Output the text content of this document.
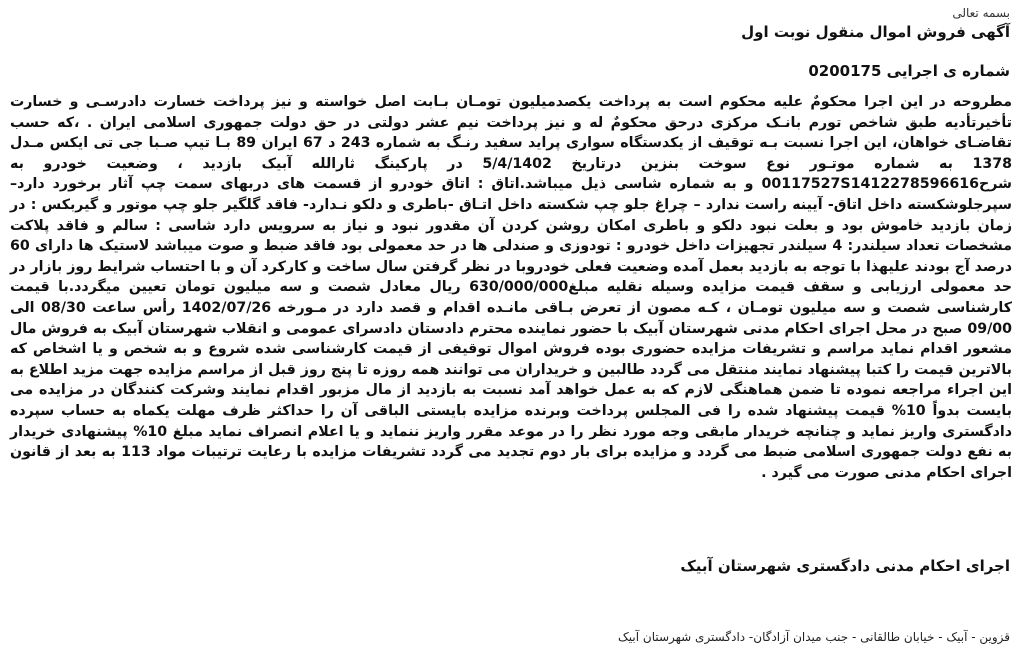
بسمه تعالی
آگهی فروش اموال منقول نوبت اول
شماره ی اجرایی 0200175
مطروحه در این اجرا محکومٌ علیه محکوم است به پرداخت یکصدمیلیون تومـان بـابت اصل خواسته و نیز پرداخت خسارت دادرسـی و خسارت تأخیرتأدیه طبق شاخص تورم بانـک مرکزی درحق محکومٌ له و نیز پرداخت نیم عشر دولتی در حق دولت جمهوری اسلامی ایران . ،که حسب تقاضـای خواهان، این اجرا نسبت بـه توقیف از یکدستگاه سواری پراید سفید رنـگ به شماره 243 د 67 ایران 89 بـا تیپ صـبا جی تی ایکس مـدل 1378 به شماره موتـور نوع سوخت بنزین درتاریخ 5/4/1402 در پارکینگ ثارالله آبیک بازدید ، وضعیت خودرو به شرح00117527S1412278596616 و به شماره شاسی ذیل میباشد.اتاق : اتاق خودرو از قسمت های دربهای سمت چپ آثار برخورد دارد– سپرجلوشکسته داخل اتاق- آیینه راست ندارد – چراغ جلو چپ شکسته داخل اتـاق -باطری و دلکو نـدارد- فاقد گلگیر جلو چپ موتور و گیربکس : در زمان بازدید خاموش بود و بعلت نبود دلکو و باطری امکان روشن کردن آن مقدور نبود و نیاز به سرویس دارد شاسی : سالم و فاقد پلاکت مشخصات تعداد سیلندر: 4 سیلندر تجهیزات داخل خودرو : تودوزی و صندلی ها در حد معمولی بود فاقد ضبط و صوت میباشد لاستیک ها دارای 60 درصد آج بودند علیهذا با توجه به بازدید بعمل آمده وضعیت فعلی خودروبا در نظر گرفتن سال ساخت و کارکرد آن و با احتساب شرایط روز بازار در حد معمولی ارزیابی و سقف قیمت مزایده وسیله نقلیه مبلغ630/000/000 ریال معادل شصت و سه میلیون تومان تعیین میگردد.با قیمت کارشناسی شصت و سه میلیون تومـان ، کـه مصون از تعرض بـاقی مانـده اقدام و قصد دارد در مـورخه 1402/07/26 رأس ساعت 08/30 الی 09/00 صبح در محل اجرای احکام مدنی شهرستان آبیک با حضور نماینده محترم دادستان دادسرای عمومی و انقلاب شهرستان آبیک به فروش مال مشعور اقدام نماید مراسم و تشریفات مزایده حضوری بوده فروش اموال توقیفی از قیمت کارشناسی شده شروع و به شخص و یا اشخاص که بالاترین قیمت را کتبا پیشنهاد نمایند منتقل می گردد طالبین و خریداران می توانند همه روزه تا پنج روز قبل از مراسم مزایده جهت مزید اطلاع به این اجراء مراجعه نموده تا ضمن هماهنگی لازم که به عمل خواهد آمد نسبت به بازدید از مال مزبور اقدام نمایند وشرکت کنندگان در مزایده می بایست بدواً 10% قیمت پیشنهاد شده را فی المجلس پرداخت وبرنده مزایده بایستی الباقی آن را حداکثر ظرف مهلت یکماه به حساب سپرده دادگستری واریز نماید و چنانچه خریدار مابقی وجه مورد نظر را در موعد مقرر واریز ننماید و یا اعلام انصراف نماید مبلغ 10% پیشنهادی خریدار به نفع دولت جمهوری اسلامی ضبط می گردد و مزایده برای بار دوم تجدید می گردد تشریفات مزایده با رعایت ترتیبات مواد 113 به بعد از قانون اجرای احکام مدنی صورت می گیرد .
اجرای احکام مدنی دادگستری شهرستان آبیک
قزوین - آبیک - خیابان طالقانی - جنب میدان آزادگان- دادگستری شهرستان آبیک
